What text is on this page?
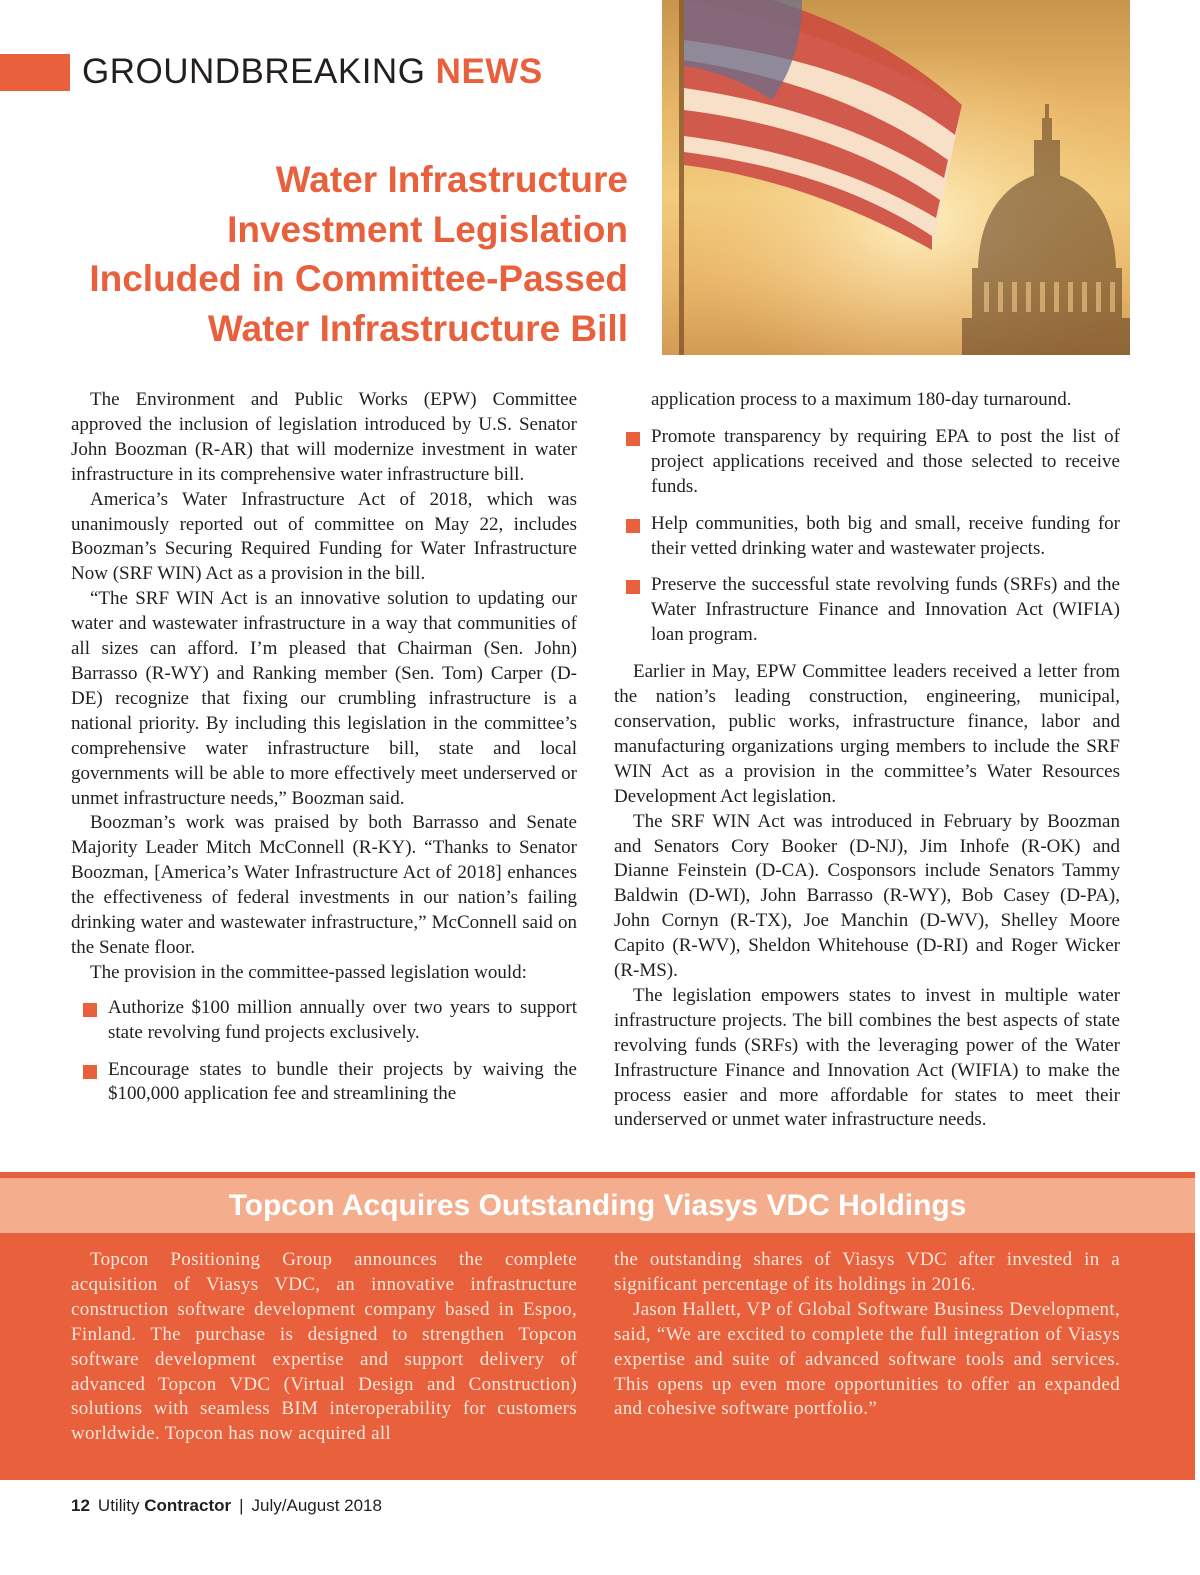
GROUNDBREAKING NEWS
Water Infrastructure
Investment Legislation
Included in Committee-Passed
Water Infrastructure Bill

The Environment and Public Works (EPW) Committee approved the inclusion of legislation introduced by U.S. Senator John Boozman (R-AR) that will modernize investment in water infrastructure in its comprehensive water infrastructure bill.

America’s Water Infrastructure Act of 2018, which was unanimously reported out of committee on May 22, includes Boozman’s Securing Required Funding for Water Infrastructure Now (SRF WIN) Act as a provision in the bill.

“The SRF WIN Act is an innovative solution to updating our water and wastewater infrastructure in a way that communities of all sizes can afford. I’m pleased that Chairman (Sen. John) Barrasso (R-WY) and Ranking member (Sen. Tom) Carper (D-DE) recognize that fixing our crumbling infrastructure is a national priority. By including this legislation in the committee’s comprehensive water infrastructure bill, state and local governments will be able to more effectively meet underserved or unmet infrastructure needs,” Boozman said.

Boozman’s work was praised by both Barrasso and Senate Majority Leader Mitch McConnell (R-KY). “Thanks to Senator Boozman, [America’s Water Infrastructure Act of 2018] enhances the effectiveness of federal investments in our nation’s failing drinking water and wastewater infrastructure,” McConnell said on the Senate floor.

The provision in the committee-passed legislation would:

Authorize $100 million annually over two years to support state revolving fund projects exclusively.
Encourage states to bundle their projects by waiving the $100,000 application fee and streamlining the

application process to a maximum 180-day turnaround.

Promote transparency by requiring EPA to post the list of project applications received and those selected to receive funds.
Help communities, both big and small, receive funding for their vetted drinking water and wastewater projects.
Preserve the successful state revolving funds (SRFs) and the Water Infrastructure Finance and Innovation Act (WIFIA) loan program.

Earlier in May, EPW Committee leaders received a letter from the nation’s leading construction, engineering, municipal, conservation, public works, infrastructure finance, labor and manufacturing organizations urging members to include the SRF WIN Act as a provision in the committee’s Water Resources Development Act legislation.

The SRF WIN Act was introduced in February by Boozman and Senators Cory Booker (D-NJ), Jim Inhofe (R-OK) and Dianne Feinstein (D-CA). Cosponsors include Senators Tammy Baldwin (D-WI), John Barrasso (R-WY), Bob Casey (D-PA), John Cornyn (R-TX), Joe Manchin (D-WV), Shelley Moore Capito (R-WV), Sheldon Whitehouse (D-RI) and Roger Wicker (R-MS).

The legislation empowers states to invest in multiple water infrastructure projects. The bill combines the best aspects of state revolving funds (SRFs) with the leveraging power of the Water Infrastructure Finance and Innovation Act (WIFIA) to make the process easier and more affordable for states to meet their underserved or unmet water infrastructure needs.

Topcon Acquires Outstanding Viasys VDC Holdings

Topcon Positioning Group announces the complete acquisition of Viasys VDC, an innovative infrastructure construction software development company based in Espoo, Finland. The purchase is designed to strengthen Topcon software development expertise and support delivery of advanced Topcon VDC (Virtual Design and Construction) solutions with seamless BIM interoperability for customers worldwide. Topcon has now acquired all

the outstanding shares of Viasys VDC after invested in a significant percentage of its holdings in 2016.

Jason Hallett, VP of Global Software Business Development, said, “We are excited to complete the full integration of Viasys expertise and suite of advanced software tools and services. This opens up even more opportunities to offer an expanded and cohesive software portfolio.”

12 Utility Contractor | July/August 2018
